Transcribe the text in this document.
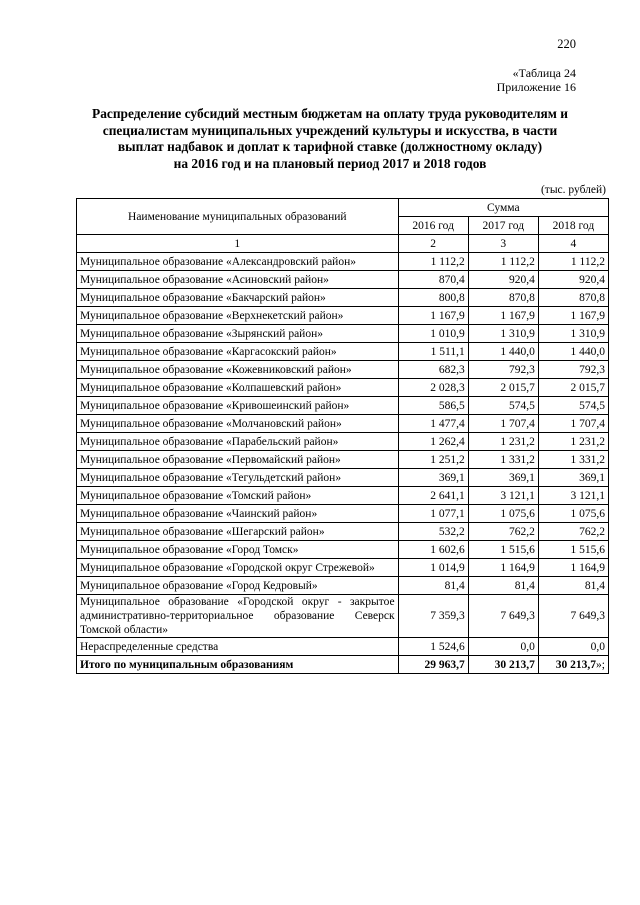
220
«Таблица 24
Приложение 16
Распределение субсидий местным бюджетам на оплату труда руководителям и
специалистам муниципальных учреждений культуры и искусства, в части
выплат надбавок и доплат к тарифной ставке (должностному окладу)
на 2016 год и на плановый период 2017 и 2018 годов
(тыс. рублей)
Наименование муниципальных образований	Сумма		
	2016 год	2017 год	2018 год
1	2	3	4
Муниципальное образование «Александровский район»	1 112,2	1 112,2	1 112,2
Муниципальное образование «Асиновский район»	870,4	920,4	920,4
Муниципальное образование «Бакчарский район»	800,8	870,8	870,8
Муниципальное образование «Верхнекетский район»	1 167,9	1 167,9	1 167,9
Муниципальное образование «Зырянский район»	1 010,9	1 310,9	1 310,9
Муниципальное образование «Каргасокский район»	1 511,1	1 440,0	1 440,0
Муниципальное образование «Кожевниковский район»	682,3	792,3	792,3
Муниципальное образование «Колпашевский район»	2 028,3	2 015,7	2 015,7
Муниципальное образование «Кривошеинский район»	586,5	574,5	574,5
Муниципальное образование «Молчановский район»	1 477,4	1 707,4	1 707,4
Муниципальное образование «Парабельский район»	1 262,4	1 231,2	1 231,2
Муниципальное образование «Первомайский район»	1 251,2	1 331,2	1 331,2
Муниципальное образование «Тегульдетский район»	369,1	369,1	369,1
Муниципальное образование «Томский район»	2 641,1	3 121,1	3 121,1
Муниципальное образование «Чаинский район»	1 077,1	1 075,6	1 075,6
Муниципальное образование «Шегарский район»	532,2	762,2	762,2
Муниципальное образование «Город Томск»	1 602,6	1 515,6	1 515,6
Муниципальное образование «Городской округ Стрежевой»	1 014,9	1 164,9	1 164,9
Муниципальное образование «Город Кедровый»	81,4	81,4	81,4
Муниципальное образование «Городской округ - закрытое административно-территориальное образование Северск Томской области»	7 359,3	7 649,3	7 649,3
Нераспределенные средства	1 524,6	0,0	0,0
Итого по муниципальным образованиям	29 963,7	30 213,7	30 213,7»;
